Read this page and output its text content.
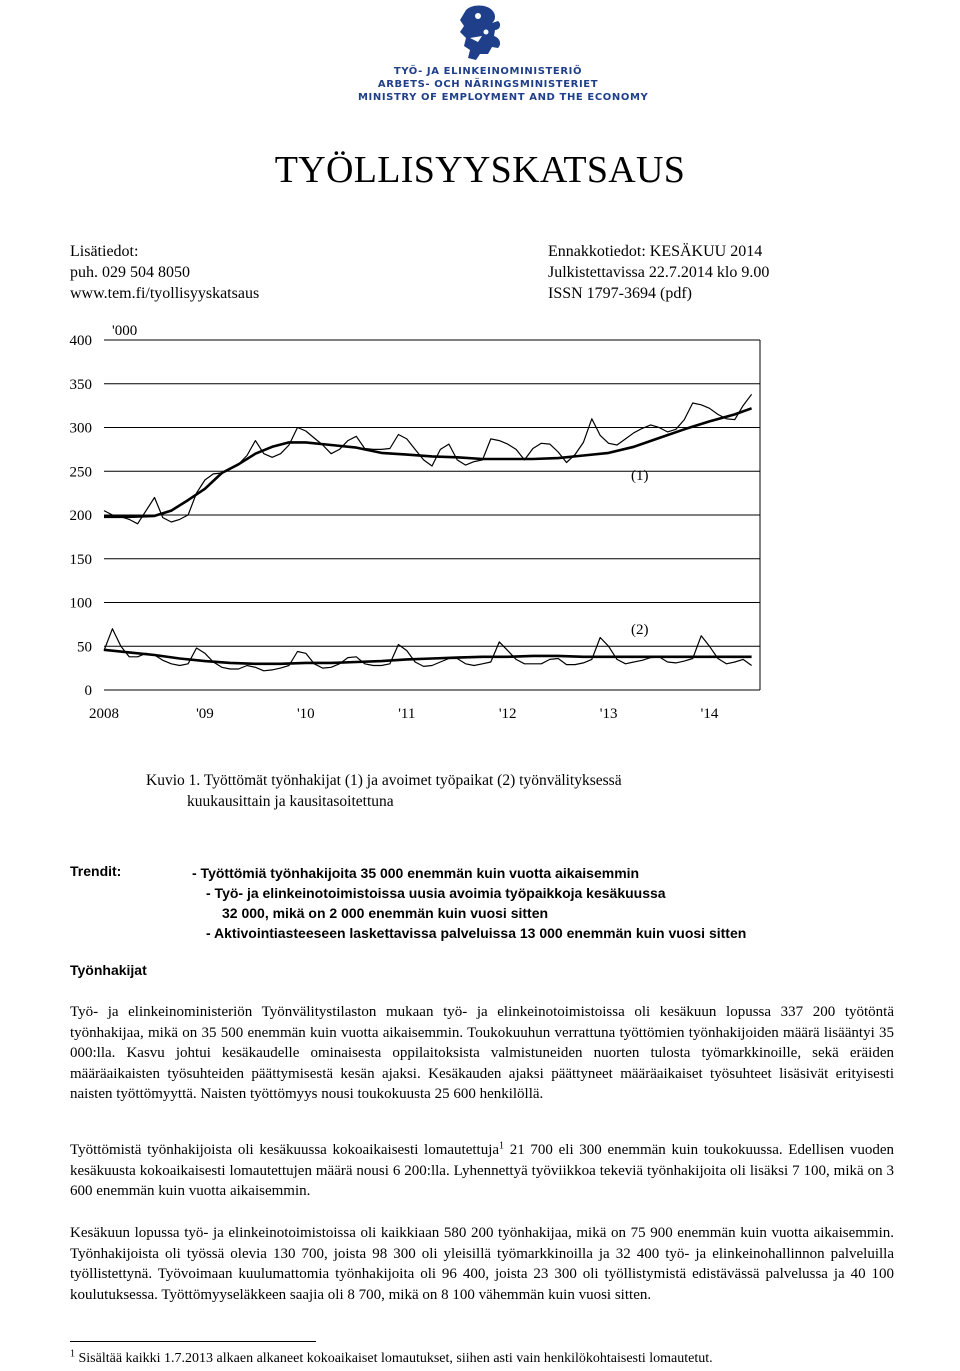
TYÖ- JA ELINKEINOMINISTERIÖ
ARBETS- OCH NÄRINGSMINISTERIET
MINISTRY OF EMPLOYMENT AND THE ECONOMY
TYÖLLISYYSKATSAUS
Lisätiedot:
puh. 029 504 8050
www.tem.fi/tyollisyyskatsaus
Ennakkotiedot: KESÄKUU 2014
Julkistettavissa 22.7.2014 klo 9.00
ISSN 1797-3694 (pdf)
0
50
100
150
200
250
300
350
400
2008	'09	'10	'11	'12	'13	'14
'000
(1)
(2)
Kuvio 1. Työttömät työnhakijat (1) ja avoimet työpaikat (2) työnvälityksessä
kuukausittain ja kausitasoitettuna
Trendit:	- Työttömiä työnhakijoita 35 000 enemmän kuin vuotta aikaisemmin
- Työ- ja elinkeinotoimistoissa uusia avoimia työpaikkoja kesäkuussa
32 000, mikä on 2 000 enemmän kuin vuosi sitten
- Aktivointiasteeseen laskettavissa palveluissa 13 000 enemmän kuin vuosi sitten
Työnhakijat
Työ- ja elinkeinoministeriön Työnvälitystilaston mukaan työ- ja elinkeinotoimistoissa oli kesäkuun lopussa 337 200 työtöntä työnhakijaa, mikä on 35 500 enemmän kuin vuotta aikaisemmin. Toukokuuhun verrattuna työttömien työnhakijoiden määrä lisääntyi 35 000:lla. Kasvu johtui kesäkaudelle ominaisesta oppilaitoksista valmistuneiden nuorten tulosta työmarkkinoille, sekä eräiden määräaikaisten työsuhteiden päättymisestä kesän ajaksi. Kesäkauden ajaksi päättyneet määräaikaiset työsuhteet lisäsivät erityisesti naisten työttömyyttä. Naisten työttömyys nousi toukokuusta 25 600 henkilöllä.
Työttömistä työnhakijoista oli kesäkuussa kokoaikaisesti lomautettuja$^1$ 21 700 eli 300 enemmän kuin toukokuussa. Edellisen vuoden kesäkuusta kokoaikaisesti lomautettujen määrä nousi 6 200:lla. Lyhennettyä työviikkoa tekeviä työnhakijoita oli lisäksi 7 100, mikä on 3 600 enemmän kuin vuotta aikaisemmin.
Kesäkuun lopussa työ- ja elinkeinotoimistoissa oli kaikkiaan 580 200 työnhakijaa, mikä on 75 900 enemmän kuin vuotta aikaisemmin. Työnhakijoista oli työssä olevia 130 700, joista 98 300 oli yleisillä työmarkkinoilla ja 32 400 työ- ja elinkeinohallinnon palveluilla työllistettynä. Työvoimaan kuulumattomia työnhakijoita oli 96 400, joista 23 300 oli työllistymistä edistävässä palvelussa ja 40 100 koulutuksessa. Työttömyyseläkkeen saajia oli 8 700, mikä on 8 100 vähemmän kuin vuosi sitten.
$^1$ Sisältää kaikki 1.7.2013 alkaen alkaneet kokoaikaiset lomautukset, siihen asti vain henkilökohtaisesti lomautetut.
